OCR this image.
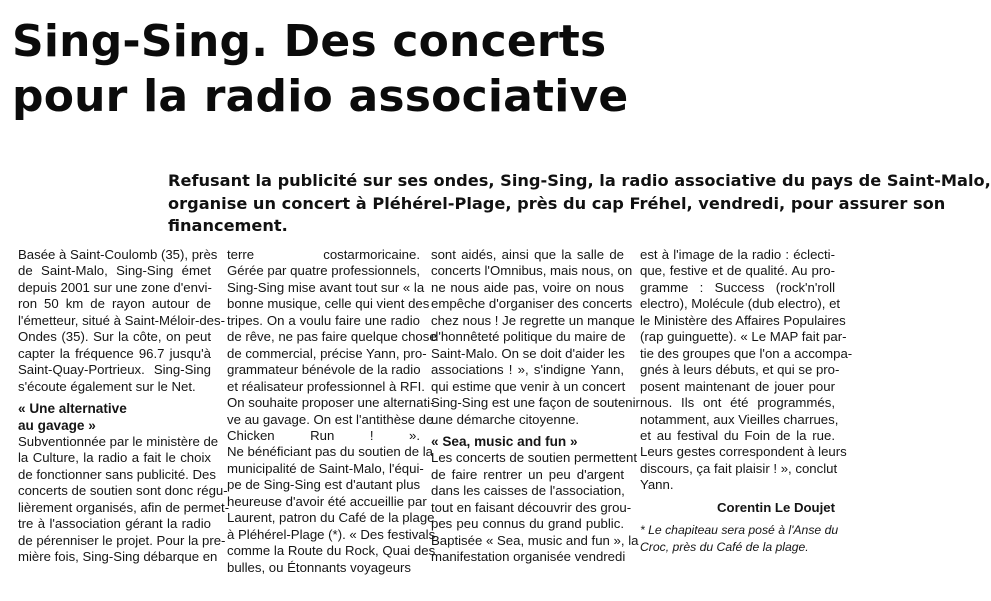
Sing-Sing. Des concerts
pour la radio associative

Refusant la publicité sur ses ondes, Sing-Sing, la radio associative du pays de Saint-Malo,
organise un concert à Pléhérel-Plage, près du cap Fréhel, vendredi, pour assurer son
financement.

Basée à Saint-Coulomb (35), près
de Saint-Malo, Sing-Sing émet
depuis 2001 sur une zone d'envi-
ron 50 km de rayon autour de
l'émetteur, situé à Saint-Méloir-des-
Ondes (35). Sur la côte, on peut
capter la fréquence 96.7 jusqu'à
Saint-Quay-Portrieux. Sing-Sing
s'écoute également sur le Net.
« Une alternative
au gavage »
Subventionnée par le ministère de
la Culture, la radio a fait le choix
de fonctionner sans publicité. Des
concerts de soutien sont donc régu-
lièrement organisés, afin de permet-
tre à l'association gérant la radio
de pérenniser le projet. Pour la pre-
mière fois, Sing-Sing débarque en
terre costarmoricaine.
Gérée par quatre professionnels,
Sing-Sing mise avant tout sur « la
bonne musique, celle qui vient des
tripes. On a voulu faire une radio
de rêve, ne pas faire quelque chose
de commercial, précise Yann, pro-
grammateur bénévole de la radio
et réalisateur professionnel à RFI.
On souhaite proposer une alternati-
ve au gavage. On est l'antithèse de
Chicken Run ! ».
Ne bénéficiant pas du soutien de la
municipalité de Saint-Malo, l'équi-
pe de Sing-Sing est d'autant plus
heureuse d'avoir été accueillie par
Laurent, patron du Café de la plage
à Pléhérel-Plage (*). « Des festivals
comme la Route du Rock, Quai des
bulles, ou Étonnants voyageurs
sont aidés, ainsi que la salle de
concerts l'Omnibus, mais nous, on
ne nous aide pas, voire on nous
empêche d'organiser des concerts
chez nous ! Je regrette un manque
d'honnêteté politique du maire de
Saint-Malo. On se doit d'aider les
associations ! », s'indigne Yann,
qui estime que venir à un concert
Sing-Sing est une façon de soutenir
une démarche citoyenne.
« Sea, music and fun »
Les concerts de soutien permettent
de faire rentrer un peu d'argent
dans les caisses de l'association,
tout en faisant découvrir des grou-
pes peu connus du grand public.
Baptisée « Sea, music and fun », la
manifestation organisée vendredi
est à l'image de la radio : éclecti-
que, festive et de qualité. Au pro-
gramme : Success (rock'n'roll
electro), Molécule (dub electro), et
le Ministère des Affaires Populaires
(rap guinguette). « Le MAP fait par-
tie des groupes que l'on a accompa-
gnés à leurs débuts, et qui se pro-
posent maintenant de jouer pour
nous. Ils ont été programmés,
notamment, aux Vieilles charrues,
et au festival du Foin de la rue.
Leurs gestes correspondent à leurs
discours, ça fait plaisir ! », conclut
Yann.
Corentin Le Doujet
* Le chapiteau sera posé à l'Anse du
Croc, près du Café de la plage.
